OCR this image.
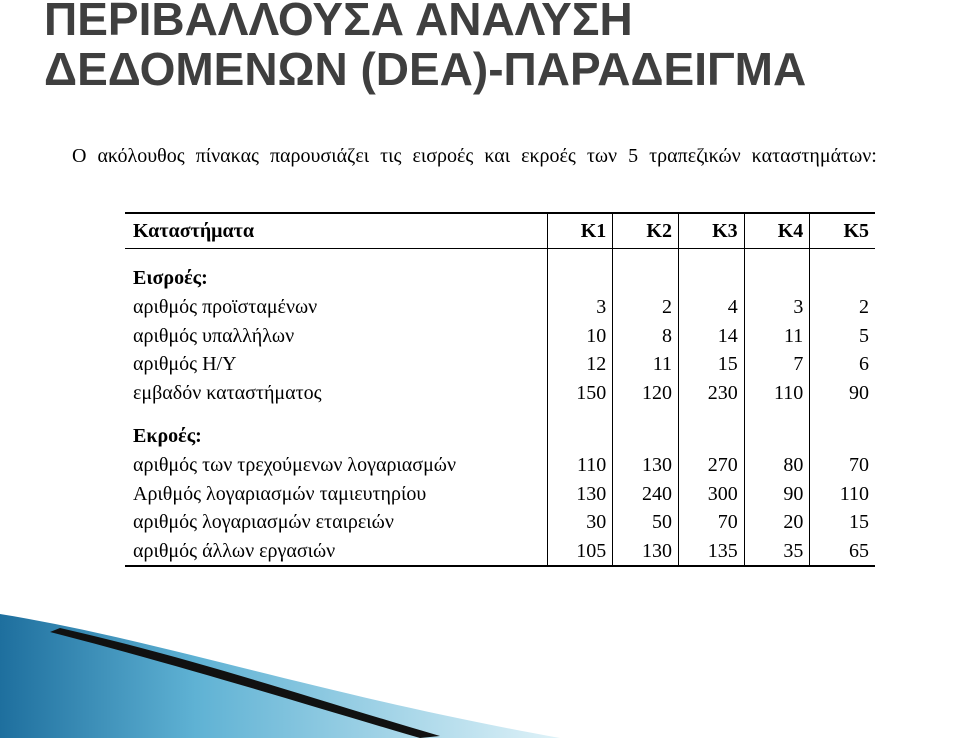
ΠΕΡΙΒΑΛΛΟΥΣΑ ΑΝΑΛΥΣΗ
ΔΕΔΟΜΕΝΩΝ (DEA)-ΠΑΡΑΔΕΙΓΜΑ
Ο ακόλουθος πίνακας παρουσιάζει τις εισροές και εκροές των 5 τραπεζικών καταστημάτων:
Καταστήματα	K1	K2	K3	K4	K5

Εισροές:					
αριθμός προϊσταμένων	3	2	4	3	2
αριθμός υπαλλήλων	10	8	14	11	5
αριθμός Η/Υ	12	11	15	7	6
εμβαδόν καταστήματος	150	120	230	110	90

Εκροές:					
αριθμός των τρεχούμενων λογαριασμών	110	130	270	80	70
Αριθμός λογαριασμών ταμιευτηρίου	130	240	300	90	110
αριθμός λογαριασμών εταιρειών	30	50	70	20	15
αριθμός άλλων εργασιών	105	130	135	35	65
